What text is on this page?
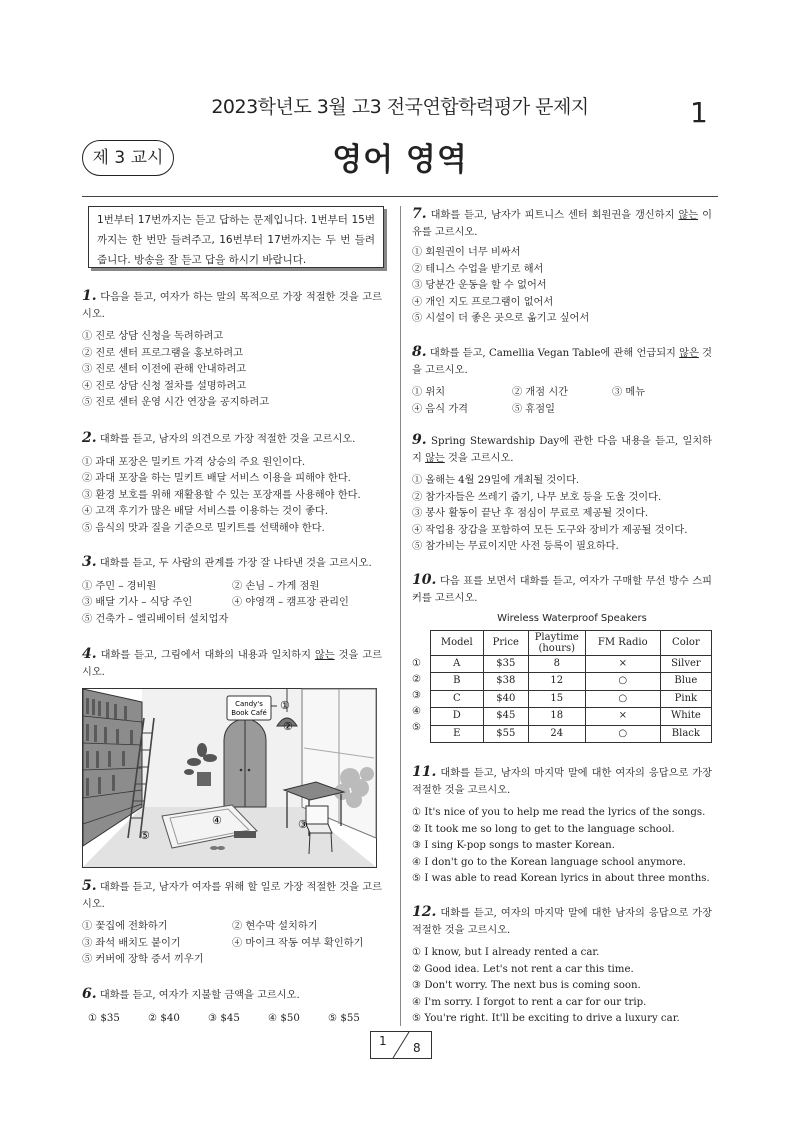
2023학년도 3월 고3 전국연합학력평가 문제지	1
제 3 교시	영어 영역
1번부터 17번까지는 듣고 답하는 문제입니다. 1번부터 15번까지는 한 번만 들려주고, 16번부터 17번까지는 두 번 들려줍니다. 방송을 잘 듣고 답을 하시기 바랍니다.

1. 다음을 듣고, 여자가 하는 말의 목적으로 가장 적절한 것을 고르시오.

① 진로 상담 신청을 독려하려고

② 진로 센터 프로그램을 홍보하려고

③ 진로 센터 이전에 관해 안내하려고

④ 진로 상담 신청 절차를 설명하려고

⑤ 진로 센터 운영 시간 연장을 공지하려고

2. 대화를 듣고, 남자의 의견으로 가장 적절한 것을 고르시오.

① 과대 포장은 밀키트 가격 상승의 주요 원인이다.

② 과대 포장을 하는 밀키트 배달 서비스 이용을 피해야 한다.

③ 환경 보호를 위해 재활용할 수 있는 포장재를 사용해야 한다.

④ 고객 후기가 많은 배달 서비스를 이용하는 것이 좋다.

⑤ 음식의 맛과 질을 기준으로 밀키트를 선택해야 한다.

3. 대화를 듣고, 두 사람의 관계를 가장 잘 나타낸 것을 고르시오.

① 주민 – 경비원	② 손님 – 가게 점원

③ 배달 기사 – 식당 주인	④ 야영객 – 캠프장 관리인

⑤ 건축가 – 엘리베이터 설치업자

4. 대화를 듣고, 그림에서 대화의 내용과 일치하지 않는 것을 고르시오.

Candy's
Book Café
①
②
③
④
⑤

5. 대화를 듣고, 남자가 여자를 위해 할 일로 가장 적절한 것을 고르시오.

① 꽃집에 전화하기	② 현수막 설치하기

③ 좌석 배치도 붙이기	④ 마이크 작동 여부 확인하기

⑤ 커버에 장학 증서 끼우기

6. 대화를 듣고, 여자가 지불할 금액을 고르시오.

① $35	② $40	③ $45	④ $50	⑤ $55

7. 대화를 듣고, 남자가 피트니스 센터 회원권을 갱신하지 않는 이유를 고르시오.

① 회원권이 너무 비싸서

② 테니스 수업을 받기로 해서

③ 당분간 운동을 할 수 없어서

④ 개인 지도 프로그램이 없어서

⑤ 시설이 더 좋은 곳으로 옮기고 싶어서

8. 대화를 듣고, Camellia Vegan Table에 관해 언급되지 않은 것을 고르시오.

① 위치	② 개점 시간	③ 메뉴

④ 음식 가격	⑤ 휴점일

9. Spring Stewardship Day에 관한 다음 내용을 듣고, 일치하지 않는 것을 고르시오.

① 올해는 4월 29일에 개최될 것이다.

② 참가자들은 쓰레기 줍기, 나무 보호 등을 도울 것이다.

③ 봉사 활동이 끝난 후 점심이 무료로 제공될 것이다.

④ 작업용 장갑을 포함하여 모든 도구와 장비가 제공될 것이다.

⑤ 참가비는 무료이지만 사전 등록이 필요하다.

10. 다음 표를 보면서 대화를 듣고, 여자가 구매할 무선 방수 스피커를 고르시오.

Wireless Waterproof Speakers
①
②
③
④
⑤
Model	Price	Playtime (hours)	FM Radio	Color
A	$35	8	×	Silver
B	$38	12	○	Blue
C	$40	15	○	Pink
D	$45	18	×	White
E	$55	24	○	Black

11. 대화를 듣고, 남자의 마지막 말에 대한 여자의 응답으로 가장 적절한 것을 고르시오.

① It's nice of you to help me read the lyrics of the songs.

② It took me so long to get to the language school.

③ I sing K-pop songs to master Korean.

④ I don't go to the Korean language school anymore.

⑤ I was able to read Korean lyrics in about three months.

12. 대화를 듣고, 여자의 마지막 말에 대한 남자의 응답으로 가장 적절한 것을 고르시오.

① I know, but I already rented a car.

② Good idea. Let's not rent a car this time.

③ Don't worry. The next bus is coming soon.

④ I'm sorry. I forgot to rent a car for our trip.

⑤ You're right. It'll be exciting to drive a luxury car.

1 8
